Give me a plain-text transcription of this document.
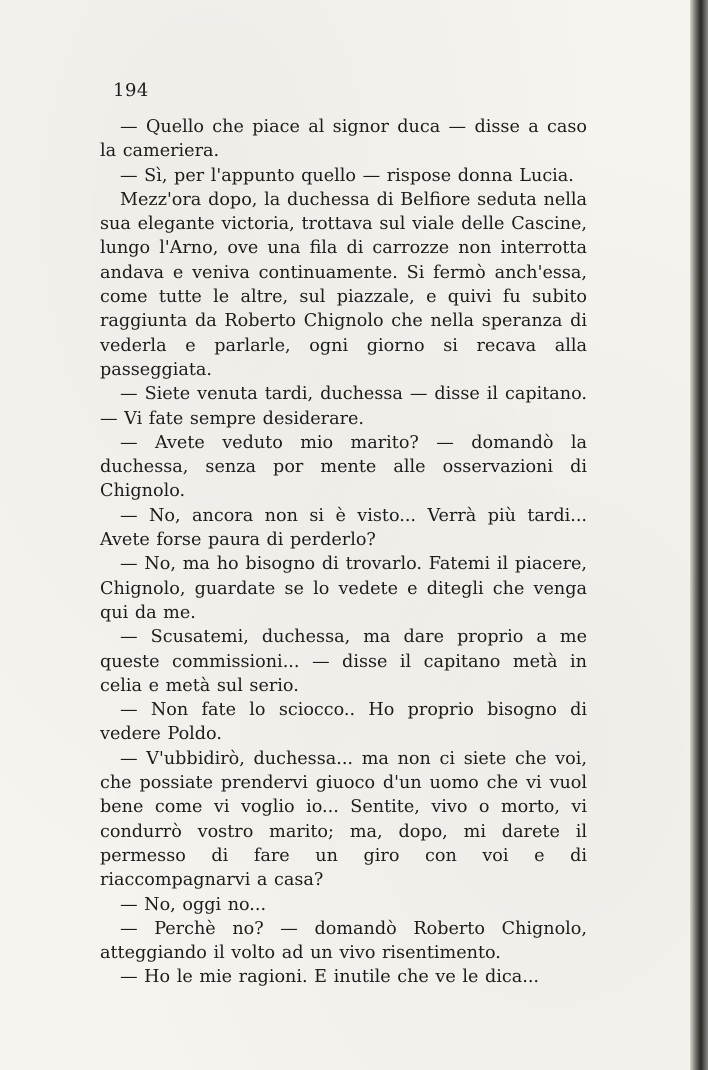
194

— Quello che piace al signor duca — disse a caso la cameriera.

— Sì, per l'appunto quello — rispose donna Lucia.

Mezz'ora dopo, la duchessa di Belfiore seduta nella sua elegante victoria, trottava sul viale delle Cascine, lungo l'Arno, ove una fila di carrozze non interrotta andava e veniva continuamente. Si fermò anch'essa, come tutte le altre, sul piazzale, e quivi fu subito raggiunta da Roberto Chignolo che nella speranza di vederla e parlarle, ogni giorno si recava alla passeggiata.

— Siete venuta tardi, duchessa — disse il capitano. — Vi fate sempre desiderare.

— Avete veduto mio marito? — domandò la duchessa, senza por mente alle osservazioni di Chignolo.

— No, ancora non si è visto... Verrà più tardi... Avete forse paura di perderlo?

— No, ma ho bisogno di trovarlo. Fatemi il piacere, Chignolo, guardate se lo vedete e ditegli che venga qui da me.

— Scusatemi, duchessa, ma dare proprio a me queste commissioni... — disse il capitano metà in celia e metà sul serio.

— Non fate lo sciocco.. Ho proprio bisogno di vedere Poldo.

— V'ubbidirò, duchessa... ma non ci siete che voi, che possiate prendervi giuoco d'un uomo che vi vuol bene come vi voglio io... Sentite, vivo o morto, vi condurrò vostro marito; ma, dopo, mi darete il permesso di fare un giro con voi e di riaccompagnarvi a casa?

— No, oggi no...

— Perchè no? — domandò Roberto Chignolo, atteggiando il volto ad un vivo risentimento.

— Ho le mie ragioni. E inutile che ve le dica...
